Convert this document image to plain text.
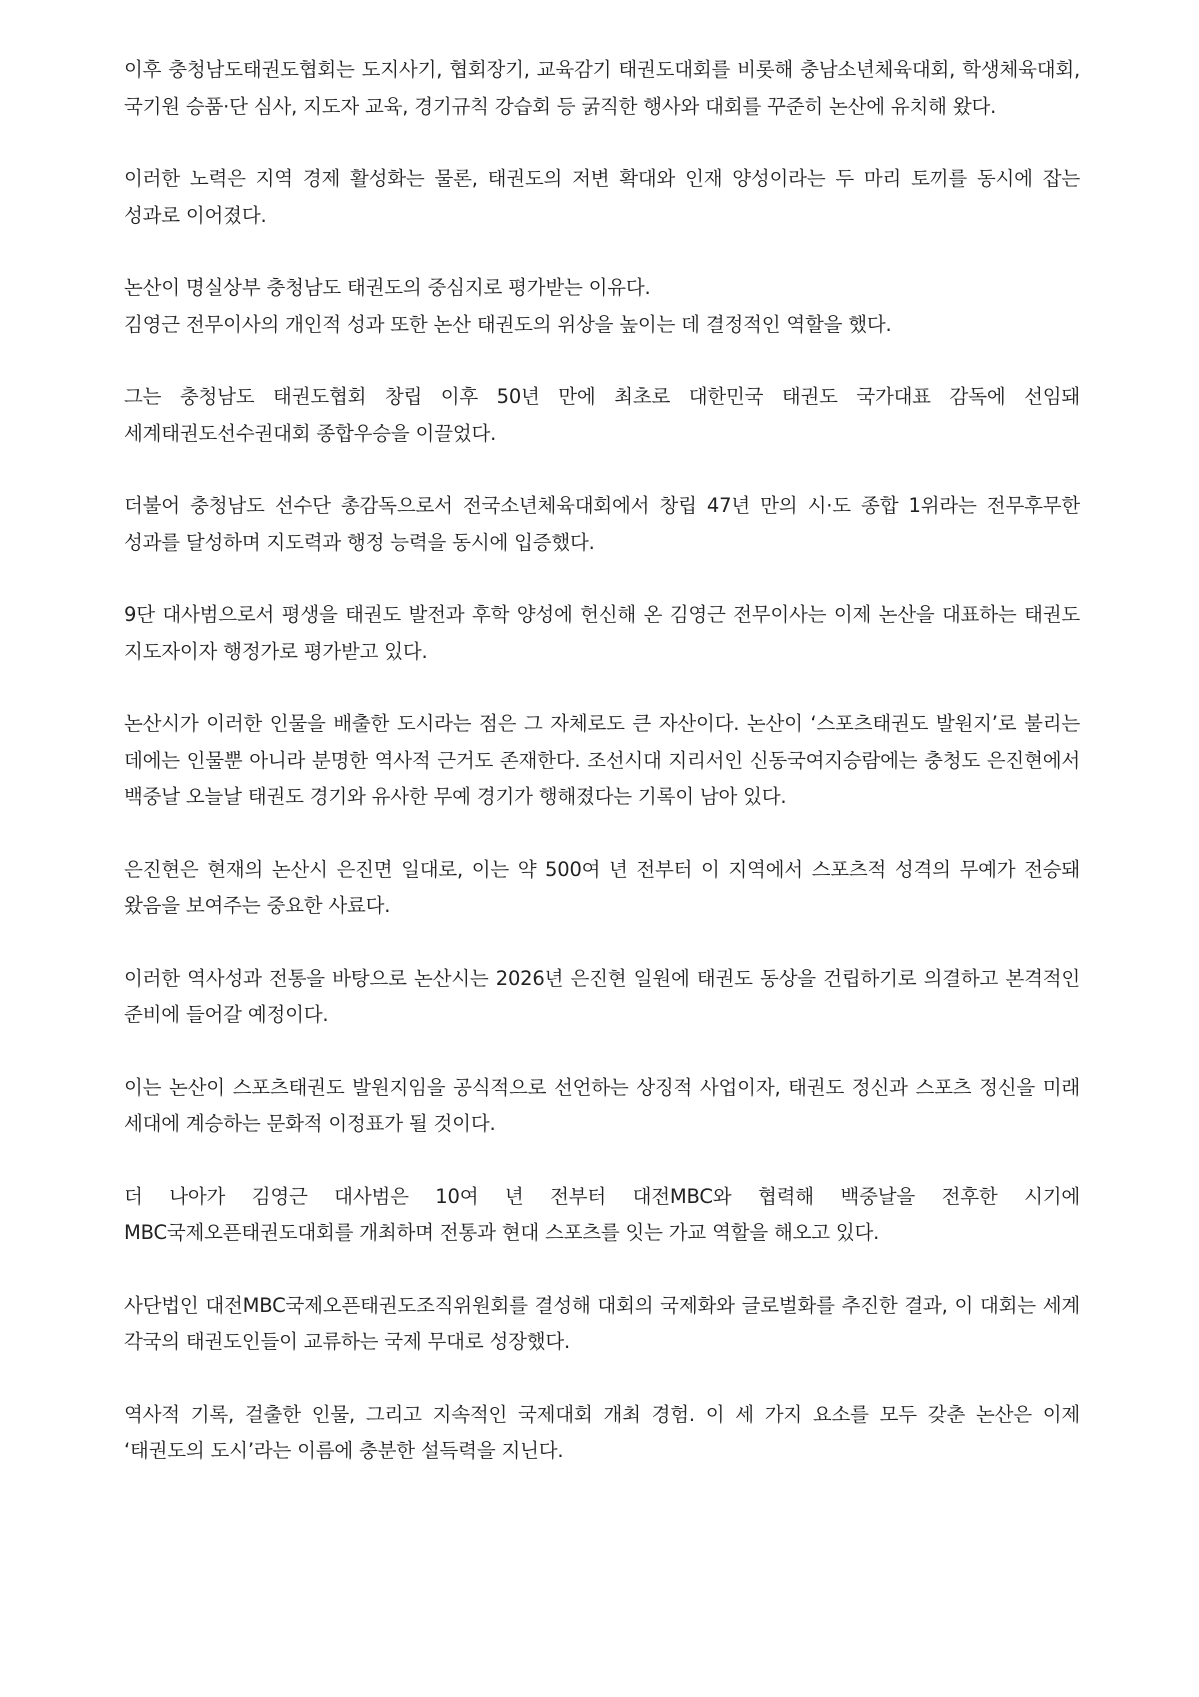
이후 충청남도태권도협회는 도지사기, 협회장기, 교육감기 태권도대회를 비롯해 충남소년체육대회, 학생체육대회, 국기원 승품·단 심사, 지도자 교육, 경기규칙 강습회 등 굵직한 행사와 대회를 꾸준히 논산에 유치해 왔다.

이러한 노력은 지역 경제 활성화는 물론, 태권도의 저변 확대와 인재 양성이라는 두 마리 토끼를 동시에 잡는 성과로 이어졌다.

논산이 명실상부 충청남도 태권도의 중심지로 평가받는 이유다.
김영근 전무이사의 개인적 성과 또한 논산 태권도의 위상을 높이는 데 결정적인 역할을 했다.

그는 충청남도 태권도협회 창립 이후 50년 만에 최초로 대한민국 태권도 국가대표 감독에 선임돼 세계태권도선수권대회 종합우승을 이끌었다.

더불어 충청남도 선수단 총감독으로서 전국소년체육대회에서 창립 47년 만의 시·도 종합 1위라는 전무후무한 성과를 달성하며 지도력과 행정 능력을 동시에 입증했다.

9단 대사범으로서 평생을 태권도 발전과 후학 양성에 헌신해 온 김영근 전무이사는 이제 논산을 대표하는 태권도 지도자이자 행정가로 평가받고 있다.

논산시가 이러한 인물을 배출한 도시라는 점은 그 자체로도 큰 자산이다. 논산이 ‘스포츠태권도 발원지’로 불리는 데에는 인물뿐 아니라 분명한 역사적 근거도 존재한다. 조선시대 지리서인 신동국여지승람에는 충청도 은진현에서 백중날 오늘날 태권도 경기와 유사한 무예 경기가 행해졌다는 기록이 남아 있다.

은진현은 현재의 논산시 은진면 일대로, 이는 약 500여 년 전부터 이 지역에서 스포츠적 성격의 무예가 전승돼 왔음을 보여주는 중요한 사료다.

이러한 역사성과 전통을 바탕으로 논산시는 2026년 은진현 일원에 태권도 동상을 건립하기로 의결하고 본격적인 준비에 들어갈 예정이다.

이는 논산이 스포츠태권도 발원지임을 공식적으로 선언하는 상징적 사업이자, 태권도 정신과 스포츠 정신을 미래 세대에 계승하는 문화적 이정표가 될 것이다.

더 나아가 김영근 대사범은 10여 년 전부터 대전MBC와 협력해 백중날을 전후한 시기에 MBC국제오픈태권도대회를 개최하며 전통과 현대 스포츠를 잇는 가교 역할을 해오고 있다.

사단법인 대전MBC국제오픈태권도조직위원회를 결성해 대회의 국제화와 글로벌화를 추진한 결과, 이 대회는 세계 각국의 태권도인들이 교류하는 국제 무대로 성장했다.

역사적 기록, 걸출한 인물, 그리고 지속적인 국제대회 개최 경험. 이 세 가지 요소를 모두 갖춘 논산은 이제 ‘태권도의 도시’라는 이름에 충분한 설득력을 지닌다.
